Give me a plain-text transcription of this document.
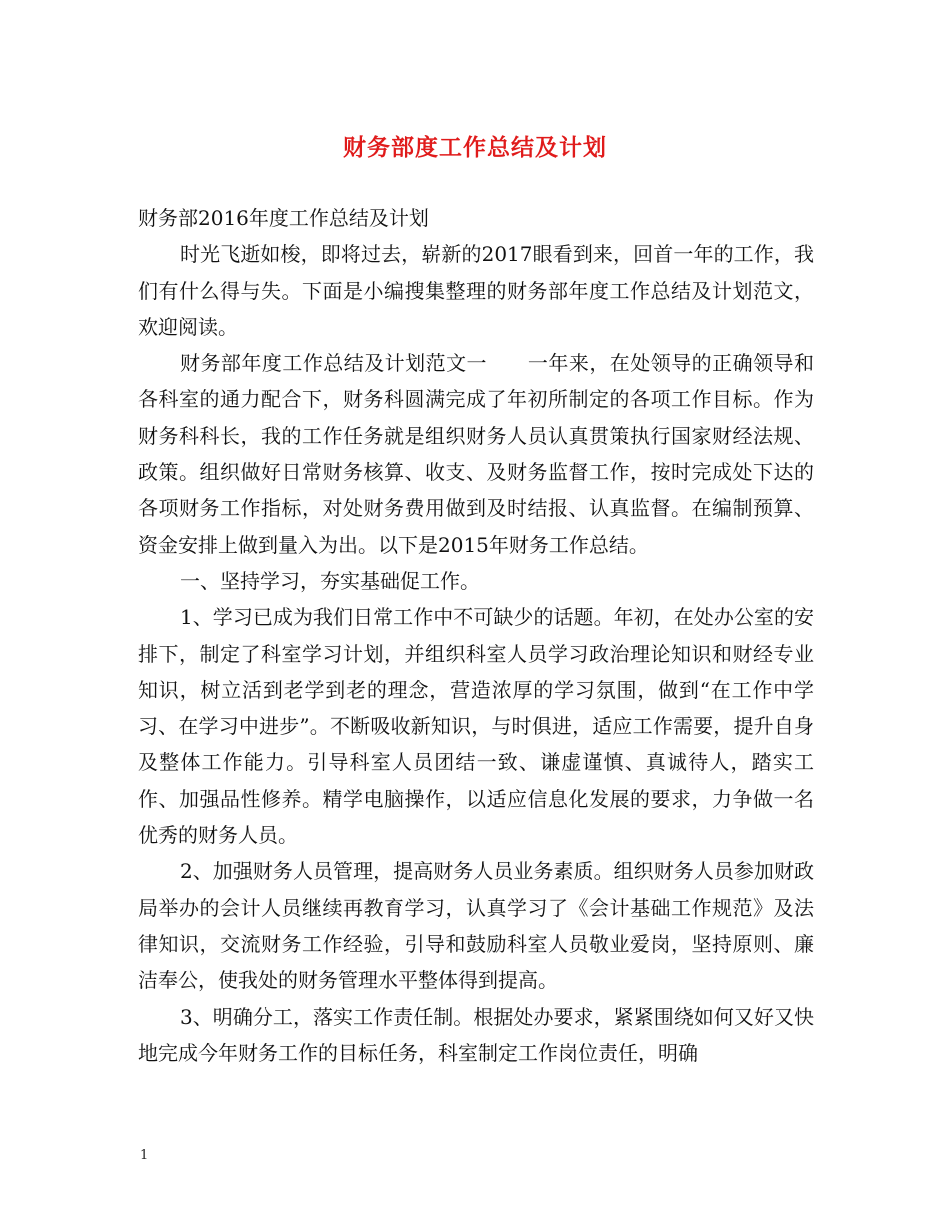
财务部度工作总结及计划

财务部2016年度工作总结及计划

时光飞逝如梭，即将过去，崭新的2017眼看到来，回首一年的工作，我们有什么得与失。下面是小编搜集整理的财务部年度工作总结及计划范文，欢迎阅读。

财务部年度工作总结及计划范文一　　一年来，在处领导的正确领导和各科室的通力配合下，财务科圆满完成了年初所制定的各项工作目标。作为财务科科长，我的工作任务就是组织财务人员认真贯策执行国家财经法规、政策。组织做好日常财务核算、收支、及财务监督工作，按时完成处下达的各项财务工作指标，对处财务费用做到及时结报、认真监督。在编制预算、资金安排上做到量入为出。以下是2015年财务工作总结。

一、坚持学习，夯实基础促工作。

1、学习已成为我们日常工作中不可缺少的话题。年初，在处办公室的安排下，制定了科室学习计划，并组织科室人员学习政治理论知识和财经专业知识，树立活到老学到老的理念，营造浓厚的学习氛围，做到“在工作中学习、在学习中进步”。不断吸收新知识，与时俱进，适应工作需要，提升自身及整体工作能力。引导科室人员团结一致、谦虚谨慎、真诚待人，踏实工作、加强品性修养。精学电脑操作，以适应信息化发展的要求，力争做一名优秀的财务人员。

2、加强财务人员管理，提高财务人员业务素质。组织财务人员参加财政局举办的会计人员继续再教育学习，认真学习了《会计基础工作规范》及法律知识，交流财务工作经验，引导和鼓励科室人员敬业爱岗，坚持原则、廉洁奉公，使我处的财务管理水平整体得到提高。

3、明确分工，落实工作责任制。根据处办要求，紧紧围绕如何又好又快地完成今年财务工作的目标任务，科室制定工作岗位责任，明确

1
